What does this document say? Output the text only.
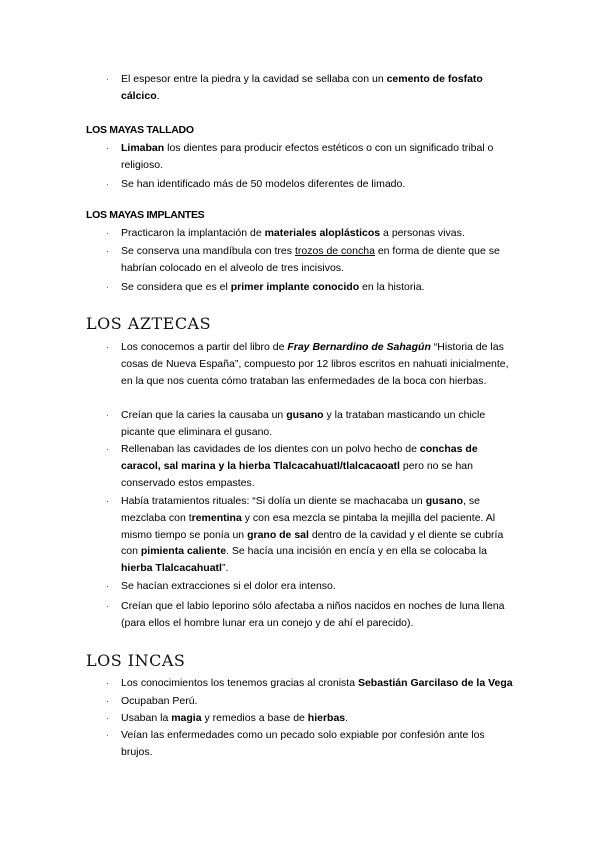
· El espesor entre la piedra y la cavidad se sellaba con un cemento de fosfato cálcico.
LOS MAYAS TALLADO
· Limaban los dientes para producir efectos estéticos o con un significado tribal o religioso.
· Se han identificado más de 50 modelos diferentes de limado.
LOS MAYAS IMPLANTES
· Practicaron la implantación de materiales aloplásticos a personas vivas.
· Se conserva una mandíbula con tres trozos de concha en forma de diente que se habrían colocado en el alveolo de tres incisivos.
· Se considera que es el primer implante conocido en la historia.
LOS AZTECAS
· Los conocemos a partir del libro de Fray Bernardino de Sahagún “Historia de las cosas de Nueva España”, compuesto por 12 libros escritos en nahuati inicialmente, en la que nos cuenta cómo trataban las enfermedades de la boca con hierbas.
· Creían que la caries la causaba un gusano y la trataban masticando un chicle picante que eliminara el gusano.
· Rellenaban las cavidades de los dientes con un polvo hecho de conchas de caracol, sal marina y la hierba Tlalcacahuatl/tlalcacaoatl pero no se han conservado estos empastes.
· Había tratamientos rituales: “Si dolía un diente se machacaba un gusano, se mezclaba con trementina y con esa mezcla se pintaba la mejilla del paciente. Al mismo tiempo se ponía un grano de sal dentro de la cavidad y el diente se cubría con pimienta caliente. Se hacía una incisión en encía y en ella se colocaba la hierba Tlalcacahuatl”.
· Se hacían extracciones si el dolor era intenso.
· Creían que el labio leporino sólo afectaba a niños nacidos en noches de luna llena (para ellos el hombre lunar era un conejo y de ahí el parecido).
LOS INCAS
· Los conocimientos los tenemos gracias al cronista Sebastián Garcilaso de la Vega
· Ocupaban Perú.
· Usaban la magia y remedios a base de hierbas.
· Veían las enfermedades como un pecado solo expiable por confesión ante los brujos.
